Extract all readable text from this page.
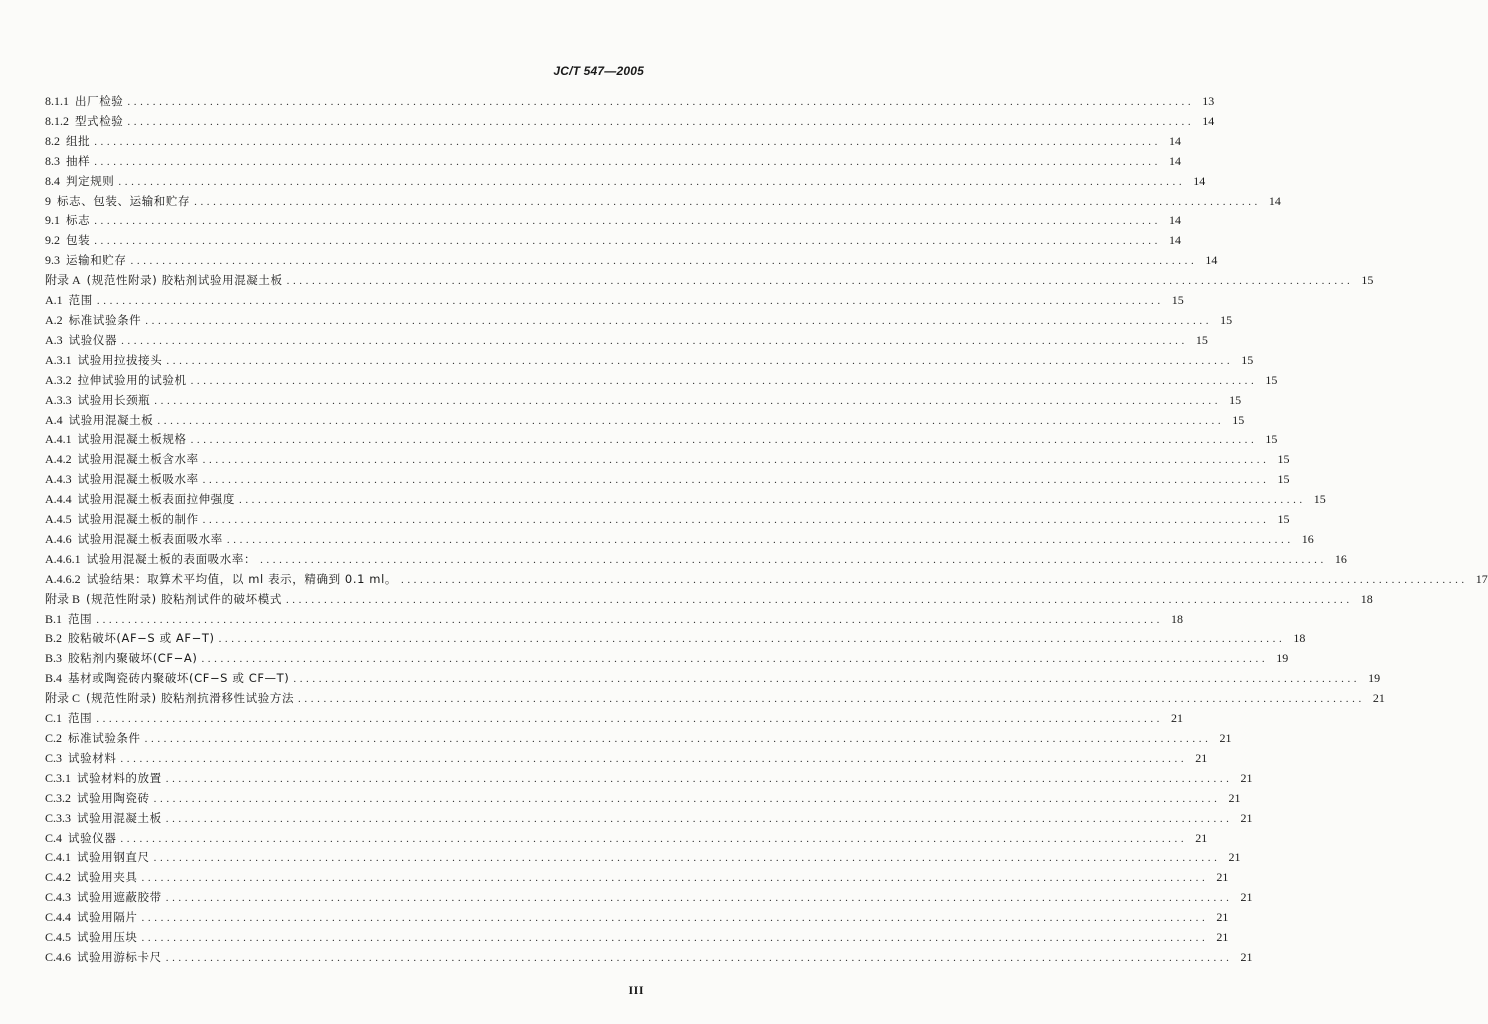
JC/T 547—2005
8.1.1 出厂检验 .....	13
8.1.2 型式检验 .....	14
8.2 组批 .....	14
8.3 抽样 .....	14
8.4 判定规则 .....	14
9 标志、包装、运输和贮存 .....	14
9.1 标志 .....	14
9.2 包装 .....	14
9.3 运输和贮存 .....	14
附录 A (规范性附录) 胶粘剂试验用混凝土板 .....	15
A.1 范围 .....	15
A.2 标准试验条件 .....	15
A.3 试验仪器 .....	15
A.3.1 试验用拉拔接头 .....	15
A.3.2 拉伸试验用的试验机 .....	15
A.3.3 试验用长颈瓶 .....	15
A.4 试验用混凝土板 .....	15
A.4.1 试验用混凝土板规格 .....	15
A.4.2 试验用混凝土板含水率 .....	15
A.4.3 试验用混凝土板吸水率 .....	15
A.4.4 试验用混凝土板表面拉伸强度 .....	15
A.4.5 试验用混凝土板的制作 .....	15
A.4.6 试验用混凝土板表面吸水率 .....	16
A.4.6.1 试验用混凝土板的表面吸水率： .....	16
A.4.6.2 试验结果：取算术平均值，以 ml 表示，精确到 0.1 ml。 .....	17
附录 B (规范性附录) 胶粘剂试件的破坏模式 .....	18
B.1 范围 .....	18
B.2 胶粘破坏(AF−S 或 AF−T) .....	18
B.3 胶粘剂内聚破坏(CF−A) .....	19
B.4 基材或陶瓷砖内聚破坏(CF−S 或 CF—T) .....	19
附录 C (规范性附录) 胶粘剂抗滑移性试验方法 .....	21
C.1 范围 .....	21
C.2 标准试验条件 .....	21
C.3 试验材料 .....	21
C.3.1 试验材料的放置 .....	21
C.3.2 试验用陶瓷砖 .....	21
C.3.3 试验用混凝土板 .....	21
C.4 试验仪器 .....	21
C.4.1 试验用钢直尺 .....	21
C.4.2 试验用夹具 .....	21
C.4.3 试验用遮蔽胶带 .....	21
C.4.4 试验用隔片 .....	21
C.4.5 试验用压块 .....	21
C.4.6 试验用游标卡尺 .....	21
III
